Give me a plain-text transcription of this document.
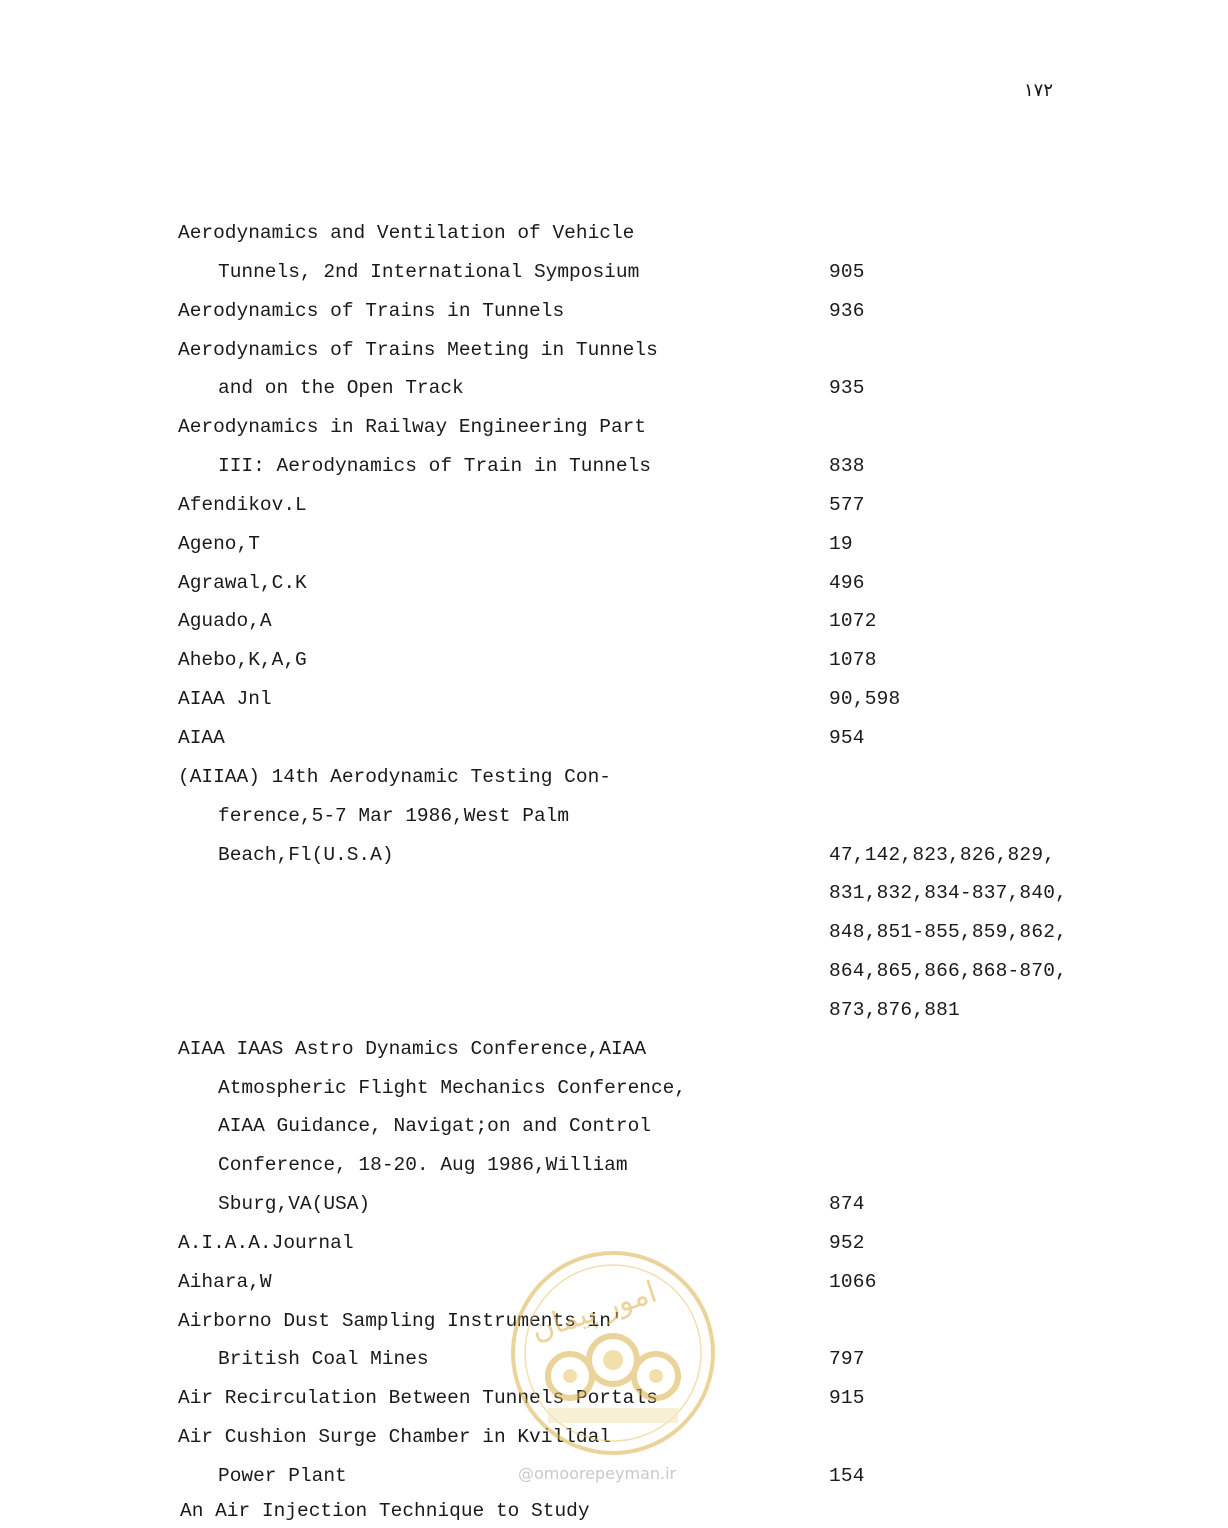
۱۷۲
Aerodynamics and Ventilation of Vehicle
Tunnels, 2nd International Symposium	905
Aerodynamics of Trains in Tunnels	936
Aerodynamics of Trains Meeting in Tunnels
and on the Open Track	935
Aerodynamics in Railway Engineering Part
III: Aerodynamics of Train in Tunnels	838
Afendikov.L	577
Ageno,T	19
Agrawal,C.K	496
Aguado,A	1072
Ahebo,K,A,G	1078
AIAA Jnl	90,598
AIAA	954
(AIIAA) 14th Aerodynamic Testing Con-
ference,5-7 Mar 1986,West Palm
Beach,Fl(U.S.A)	47,142,823,826,829,
831,832,834-837,840,
848,851-855,859,862,
864,865,866,868-870,
873,876,881
AIAA IAAS Astro Dynamics Conference,AIAA
Atmospheric Flight Mechanics Conference,
AIAA Guidance, Navigat;on and Control
Conference, 18-20. Aug 1986,William
Sburg,VA(USA)	874
A.I.A.A.Journal	952
Aihara,W	1066
Airborno Dust Sampling Instruments in'
British Coal Mines	797
Air Recirculation Between Tunnels Portals	915
Air Cushion Surge Chamber in Kvilldal
Power Plant	154
An Air Injection Technique to Study
امور پیمان
@omoorepeyman.ir
